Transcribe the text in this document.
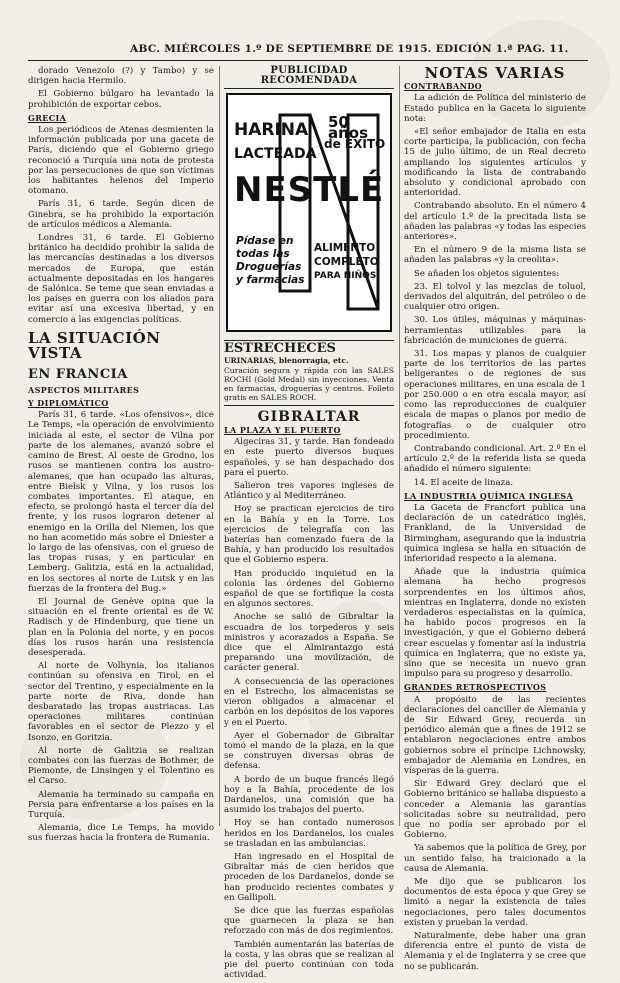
ABC. MIÉRCOLES 1.º DE SEPTIEMBRE DE 1915. EDICIÓN 1.ª PAG. 11.

dorado Venezolo (?) y Tambo) y se dirigen hacia Hermilo.

El Gobierno búlgaro ha levantado la prohibición de exportar cebos.

GRECIA

Los periódicos de Atenas desmienten la información publicada por una gaceta de París, diciendo que el Gobierno griego reconoció a Turquía una nota de protesta por las persecuciones de que son víctimas los habitantes helenos del Imperio otomano.

París 31, 6 tarde. Según dicen de Ginebra, se ha prohibido la exportación de artículos médicos a Alemania.

Londres 31, 6 tarde. El Gobierno británico ha decidido prohibir la salida de las mercancías destinadas a los diversos mercados de Europa, que están actualmente depositadas en los hangares de Salónica. Se teme que sean enviadas a los países en guerra con los aliados para evitar así una excesiva libertad, y en comercio a las exigencias políticas.

LA SITUACIÓN VISTA
EN FRANCIA
ASPECTOS MILITARES
Y DIPLOMÁTICO

París 31, 6 tarde. «Los ofensivos», dice Le Temps, «la operación de envolvimiento iniciada al este, el sector de Vilna por parte de los alemanes, avanzó sobre el camino de Brest. Al oeste de Grodno, los rusos se mantienen contra los austro-alemanes, que han ocupado las alturas, entre Bielsk y Vilna, y los rusos los combates importantes. El ataque, en efecto, se prolongó hasta el tercer día del frente, y los rusos lograron detener al enemigo en la Orilla del Niemen, los que no han acometido más sobre el Dniester a lo largo de las ofensivas, con el grueso de las tropas rusas, y en particular en Lemberg. Galitzia, está en la actualidad, en los sectores al norte de Lutsk y en las fuerzas de la frontera del Bug.»

El Journal de Genève opina que la situación en el frente oriental es de W. Radisch y de Hindenburg, que tiene un plan en la Polonia del norte, y en pocos días los rusos harán una resistencia desesperada.

Al norte de Volhynia, los italianos continúan su ofensiva en Tirol, en el sector del Trentino, y especialmente en la parte norte de Riva, donde han desbaratado las tropas austriacas. Las operaciones militares continúan favorables en el sector de Plezzo y el Isonzo, en Goritzia.

Al norte de Galitzia se realizan combates con las fuerzas de Bothmer, de Piemonte, de Linsingen y el Tolentino es el Carso.

Alemania ha terminado su campaña en Persia para enfrentarse a los países en la Turquía.

Alemania, dice Le Temps, ha movido sus fuerzas hacia la frontera de Rumania.

PUBLICIDAD RECOMENDADA
HARINA
LACTEADA
50 años
de ÉXITO
NESTLÉ
Pídase en
todas las
Droguerías
y farmacias
ALIMENTO
COMPLETO
PARA NIÑOS
ESTRECHECES URINARIAS, blenorragia, etc.

Curación segura y rápida con las SALES ROCHI (Gold Medal) sin inyecciones. Venta en farmacias, droguerías y centros. Folleto gratis en SALES ROCH.

GIBRALTAR
LA PLAZA Y EL PUERTO

Algeciras 31, y tarde. Han fondeado en este puerto diversos buques españoles, y se han despachado dos para el puerto.

Salieron tres vapores ingleses de Atlántico y al Mediterráneo.

Hoy se practican ejercicios de tiro en la Bahía y en la Torre. Los ejercicios de telegrafía con las baterías han comenzado fuera de la Bahía, y han producido los resultados que el Gobierno espera.

Han producido inquietud en la colonia las órdenes del Gobierno español de que se fortifique la costa en algunos sectores.

Anoche se salió de Gibraltar la escuadra de los torpederos y seis ministros y acorazados a España. Se dice que el Almirantazgo está preparando una movilización, de carácter general.

A consecuencia de las operaciones en el Estrecho, los almacenistas se vieron obligados a almacenar el carbón en los depósitos de los vapores y en el Puerto.

Ayer el Gobernador de Gibraltar tomó el mando de la plaza, en la que se construyen diversas obras de defensa.

A bordo de un buque francés llegó hoy a la Bahía, procedente de los Dardanelos, una comisión que ha asumido los trabajos del puerto.

Hoy se han contado numerosos heridos en los Dardanelos, los cuales se trasladan en las ambulancias.

Han ingresado en el Hospital de Gibraltar más de cien heridos que proceden de los Dardanelos, donde se han producido recientes combates y en Gallipoli.

Se dice que las fuerzas españolas que guarnecen la plaza se han reforzado con más de dos regimientos.

También aumentarán las baterías de la costa, y las obras que se realizan al pie del puerto continúan con toda actividad.

NOTAS VARIAS
CONTRABANDO

La adición de Política del ministerio de Estado publica en la Gaceta lo siguiente nota:

«El señor embajador de Italia en esta corte participa, la publicación, con fecha 15 de julio último, de un Real decreto ampliando los siguientes artículos y modificando la lista de contrabando absoluto y condicional aprobado con anterioridad.

Contrabando absoluto. En el número 4 del artículo 1.º de la precitada lista se añaden las palabras «y todas las especies anteriores».

En el número 9 de la misma lista se añaden las palabras «y la creolita».

Se añaden los objetos siguientes:

23. El tolvol y las mezclas de toluol, derivados del alquitrán, del petróleo o de cualquier otro origen.

30. Los útiles, máquinas y máquinas-herramientas utilizables para la fabricación de municiones de guerra.

31. Los mapas y planos de cualquier parte de los territorios de las partes beligerantes o de regiones de sus operaciones militares, en una escala de 1 por 250.000 o en otra escala mayor, así como las reproducciones de cualquier escala de mapas o planos por medio de fotografías o de cualquier otro procedimiento.

Contrabando condicional. Art. 2.º En el artículo 2.º de la referida lista se queda añadido el número siguiente:

14. El aceite de linaza.

LA INDUSTRIA QUÍMICA INGLESA

La Gaceta de Francfort publica una declaración de un catedrático inglés, Frankland, de la Universidad de Birmingham, asegurando que la industria química inglesa se halla en situación de inferioridad respecto a la alemana.

Añade que la industria química alemana ha hecho progresos sorprendentes en los últimos años, mientras en Inglaterra, donde no existen verdaderos especialistas en la química, ha habido pocos progresos en la investigación, y que el Gobierno deberá crear escuelas y fomentar así la industria química en Inglaterra, que no existe ya, sino que se necesita un nuevo gran impulso para su progreso y desarrollo.

GRANDES RETROSPECTIVOS

A propósito de las recientes declaraciones del canciller de Alemania y de Sir Edward Grey, recuerda un periódico alemán que a fines de 1912 se entablaron negociaciones entre ambos gobiernos sobre el príncipe Lichnowsky, embajador de Alemania en Londres, en vísperas de la guerra.

Sir Edward Grey declaró que el Gobierno británico se hallaba dispuesto a conceder a Alemania las garantías solicitadas sobre su neutralidad, pero que no podía ser aprobado por el Gobierno.

Ya sabemos que la política de Grey, por un sentido falso, ha traicionado a la causa de Alemania.

Me dijo que se publicaron los documentos de esta época y que Grey se limitó a negar la existencia de tales negociaciones, pero tales documentos existen y prueban la verdad.

Naturalmente, debe haber una gran diferencia entre el punto de vista de Alemania y el de Inglaterra y se cree que no se publicarán.
